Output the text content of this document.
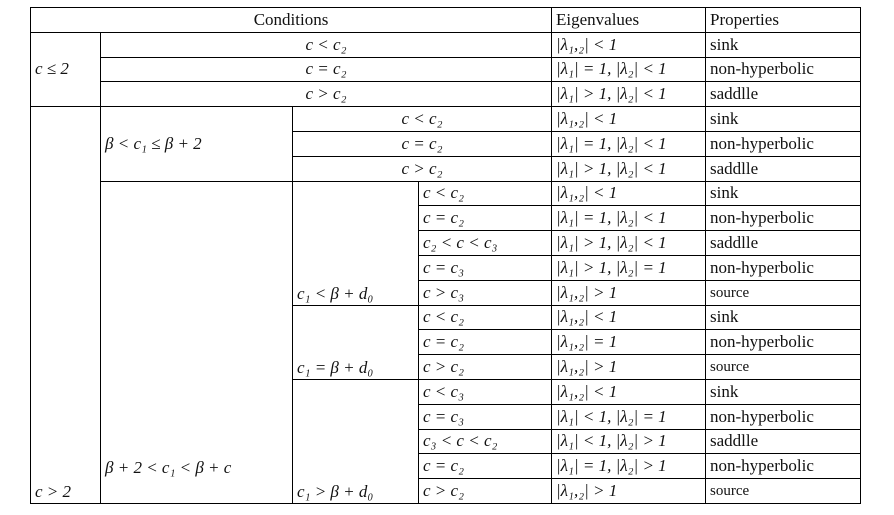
Conditions				Eigenvalues	Properties
c ≤ 2	c < c₂			|λ₁,₂| < 1	sink
	c = c₂			|λ₁| = 1, |λ₂| < 1	non-hyperbolic
	c > c₂			|λ₁| > 1, |λ₂| < 1	saddlle
c > 2	β < c₁ ≤ β + 2	c < c₂		|λ₁,₂| < 1	sink
		c = c₂		|λ₁| = 1, |λ₂| < 1	non-hyperbolic
		c > c₂		|λ₁| > 1, |λ₂| < 1	saddlle
	β + 2 < c₁ < β + c	c₁ < β + d₀	c < c₂	|λ₁,₂| < 1	sink
			c = c₂	|λ₁| = 1, |λ₂| < 1	non-hyperbolic
			c₂ < c < c₃	|λ₁| > 1, |λ₂| < 1	saddlle
			c = c₃	|λ₁| > 1, |λ₂| = 1	non-hyperbolic
			c > c₃	|λ₁,₂| > 1	source
		c₁ = β + d₀	c < c₂	|λ₁,₂| < 1	sink
			c = c₂	|λ₁,₂| = 1	non-hyperbolic
			c > c₂	|λ₁,₂| > 1	source
		c₁ > β + d₀	c < c₃	|λ₁,₂| < 1	sink
			c = c₃	|λ₁| < 1, |λ₂| = 1	non-hyperbolic
			c₃ < c < c₂	|λ₁| < 1, |λ₂| > 1	saddlle
			c = c₂	|λ₁| = 1, |λ₂| > 1	non-hyperbolic
			c > c₂	|λ₁,₂| > 1	source
